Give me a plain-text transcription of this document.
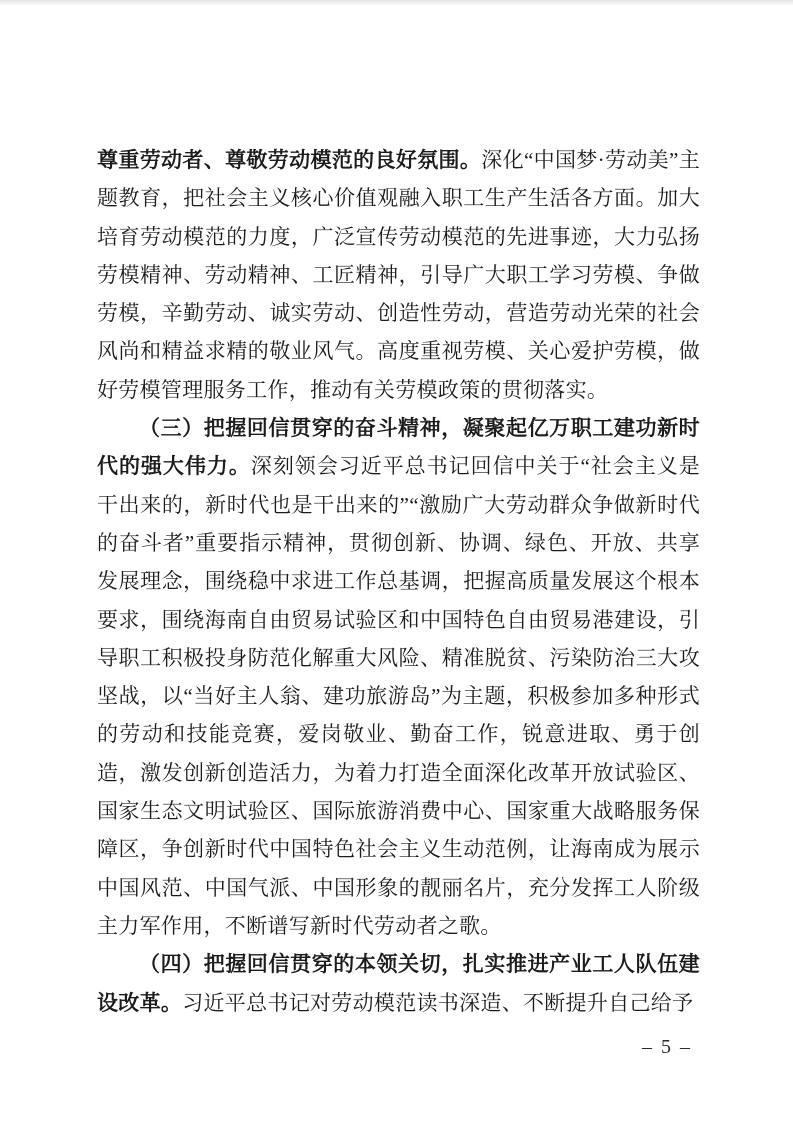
尊重劳动者、尊敬劳动模范的良好氛围。深化“中国梦·劳动美”主题教育，把社会主义核心价值观融入职工生产生活各方面。加大培育劳动模范的力度，广泛宣传劳动模范的先进事迹，大力弘扬劳模精神、劳动精神、工匠精神，引导广大职工学习劳模、争做劳模，辛勤劳动、诚实劳动、创造性劳动，营造劳动光荣的社会风尚和精益求精的敬业风气。高度重视劳模、关心爱护劳模，做好劳模管理服务工作，推动有关劳模政策的贯彻落实。

（三）把握回信贯穿的奋斗精神，凝聚起亿万职工建功新时代的强大伟力。深刻领会习近平总书记回信中关于“社会主义是干出来的，新时代也是干出来的”“激励广大劳动群众争做新时代的奋斗者”重要指示精神，贯彻创新、协调、绿色、开放、共享发展理念，围绕稳中求进工作总基调，把握高质量发展这个根本要求，围绕海南自由贸易试验区和中国特色自由贸易港建设，引导职工积极投身防范化解重大风险、精准脱贫、污染防治三大攻坚战，以“当好主人翁、建功旅游岛”为主题，积极参加多种形式的劳动和技能竞赛，爱岗敬业、勤奋工作，锐意进取、勇于创造，激发创新创造活力，为着力打造全面深化改革开放试验区、国家生态文明试验区、国际旅游消费中心、国家重大战略服务保障区，争创新时代中国特色社会主义生动范例，让海南成为展示中国风范、中国气派、中国形象的靓丽名片，充分发挥工人阶级主力军作用，不断谱写新时代劳动者之歌。

（四）把握回信贯穿的本领关切，扎实推进产业工人队伍建设改革。习近平总书记对劳动模范读书深造、不断提升自己给予

– 5 –
